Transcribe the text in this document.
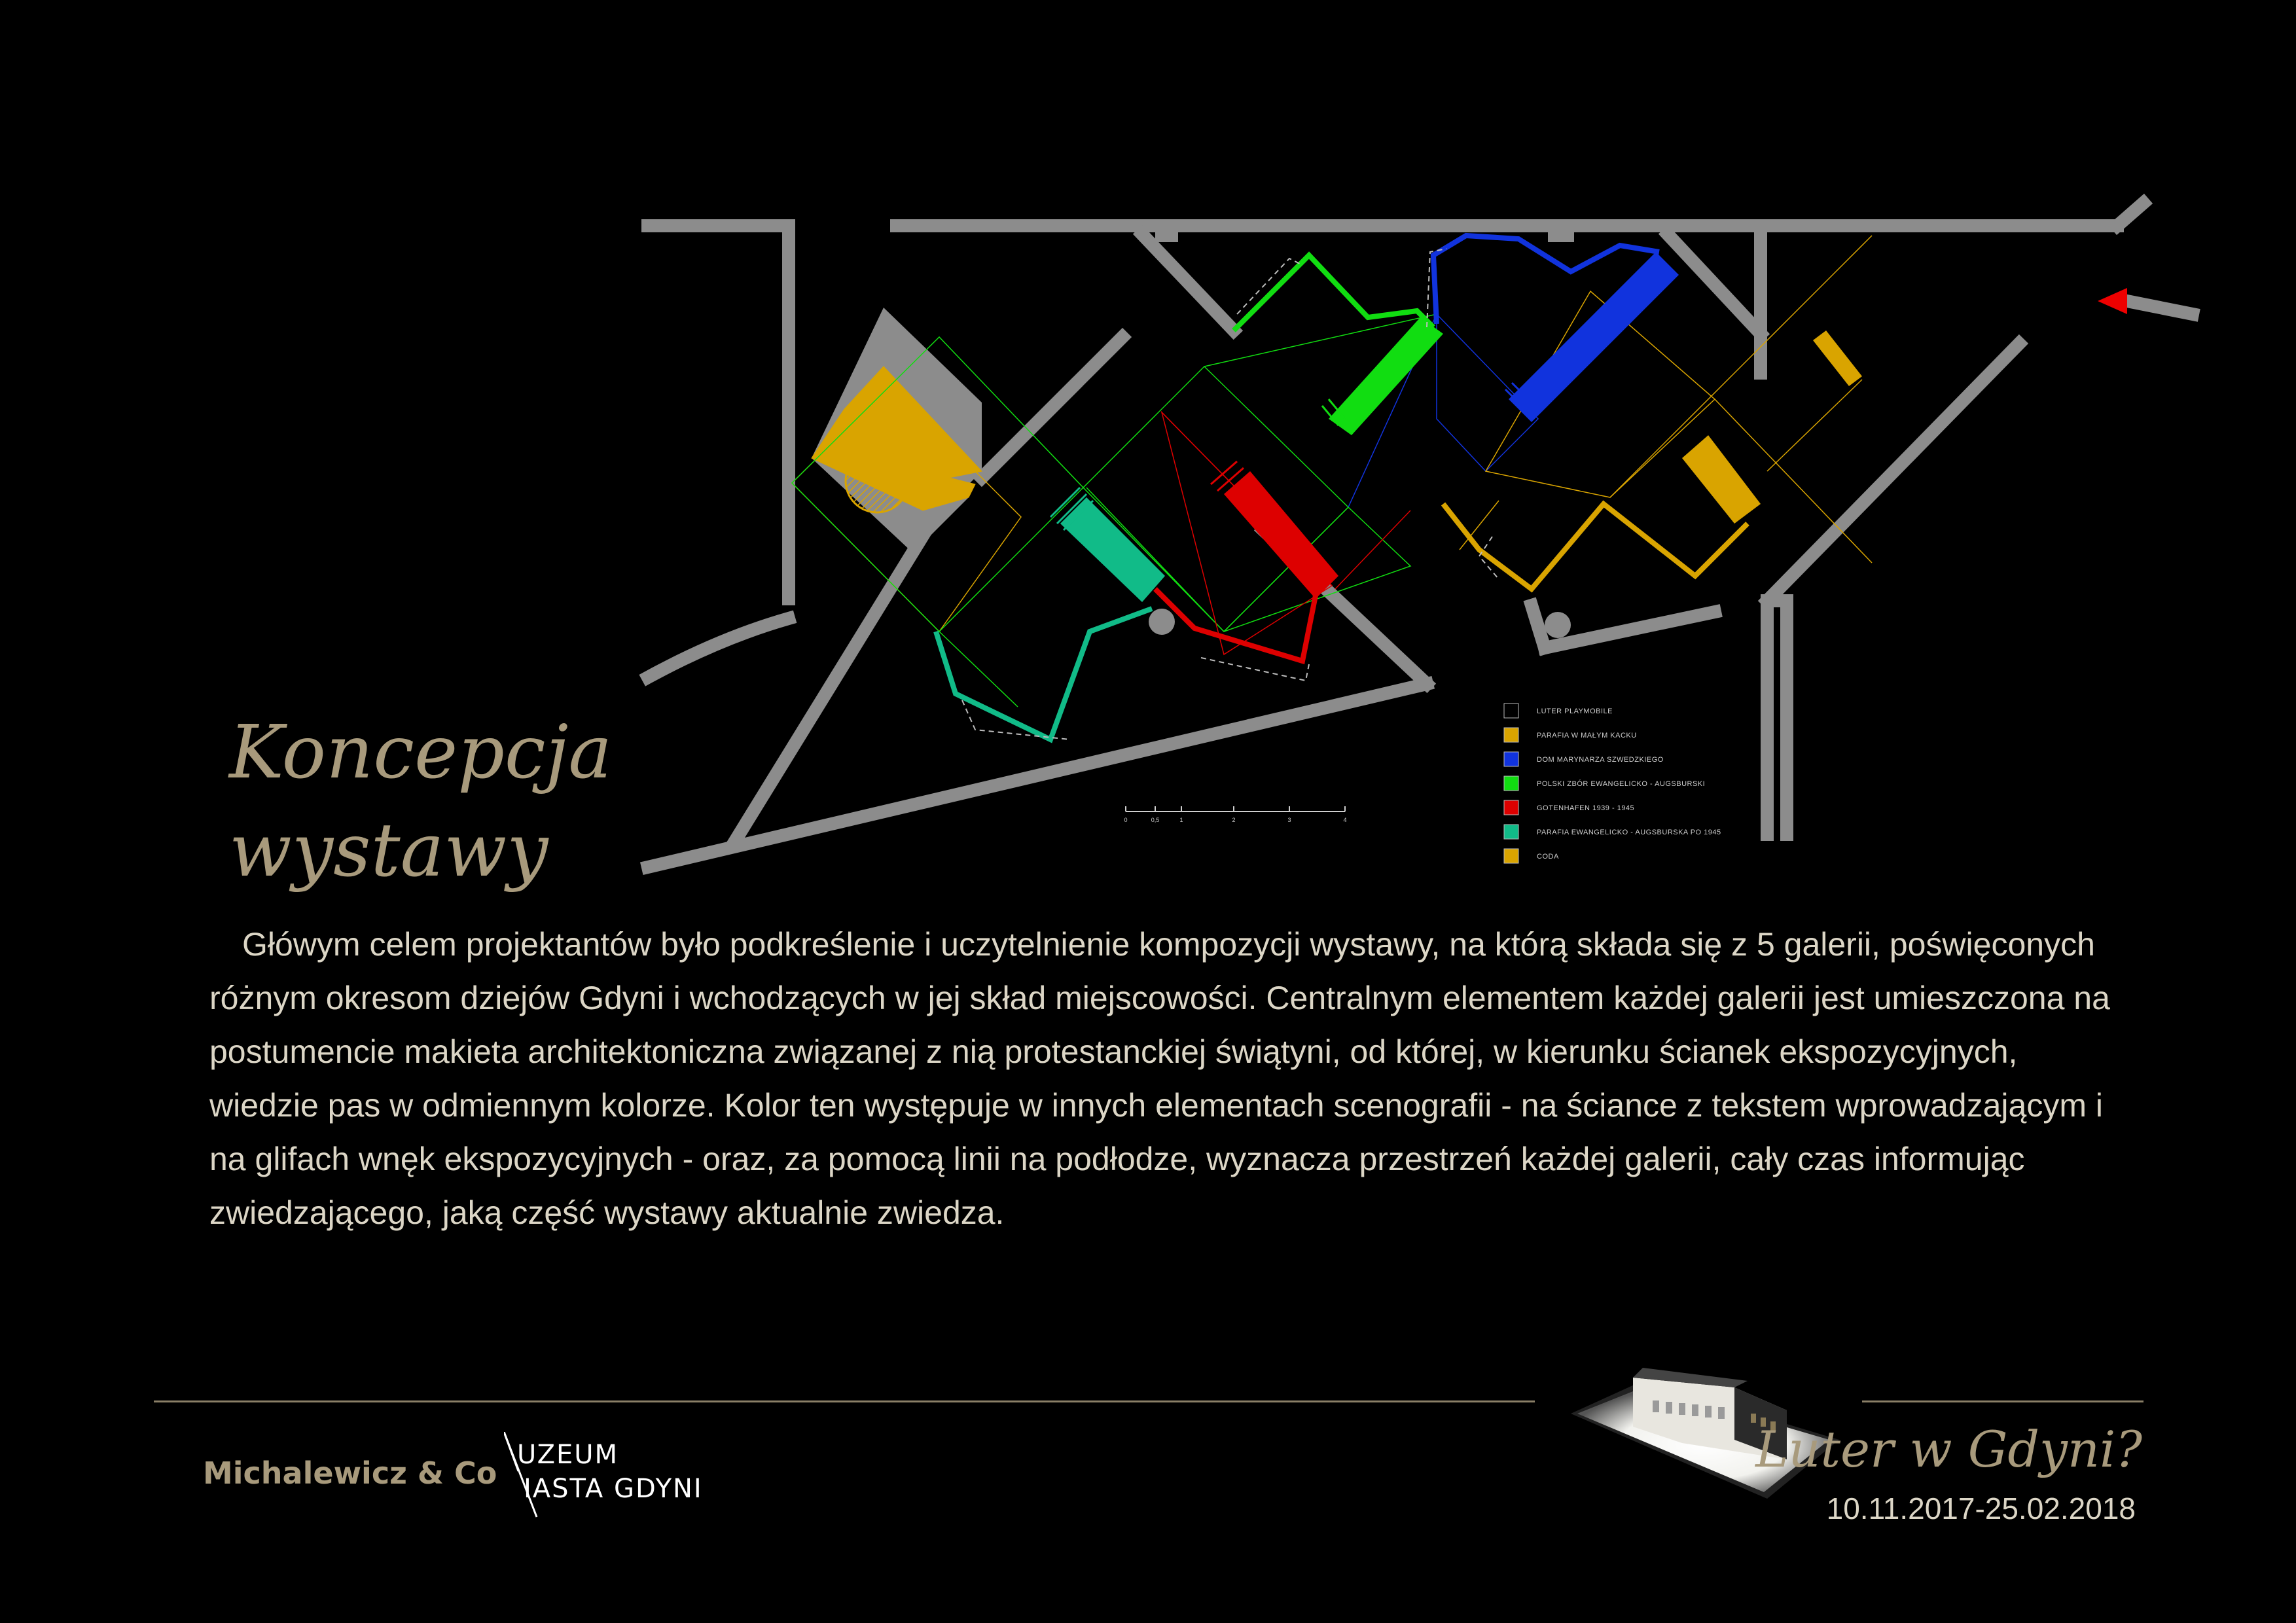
0	0,5	1	2	3	4
LUTER PLAYMOBILE
PARAFIA W MAŁYM KACKU
DOM MARYNARZA SZWEDZKIEGO
POLSKI ZBÓR EWANGELICKO - AUGSBURSKI
GOTENHAFEN 1939 - 1945
PARAFIA EWANGELICKO - AUGSBURSKA PO 1945
CODA
Koncepcja
wystawy

Główym celem projektantów było podkreślenie i uczytelnienie kompozycji wystawy, na którą składa się z 5 galerii, poświęconych różnym okresom dziejów Gdyni i wchodzących w jej skład miejscowości. Centralnym elementem każdej galerii jest umieszczona na postumencie makieta architektoniczna związanej z nią protestanckiej świątyni, od której, w kierunku ścianek ekspozycyjnych, wiedzie pas w odmiennym kolorze. Kolor ten występuje w innych elementach scenografii - na ściance z tekstem wprowadzającym i na glifach wnęk ekspozycyjnych - oraz, za pomocą linii na podłodze, wyznacza przestrzeń każdej galerii, cały czas informując zwiedzającego, jaką część wystawy aktualnie zwiedza.

Michalewicz & Co
UZEUM
IASTA GDYNI
Luter w Gdyni?
10.11.2017-25.02.2018
